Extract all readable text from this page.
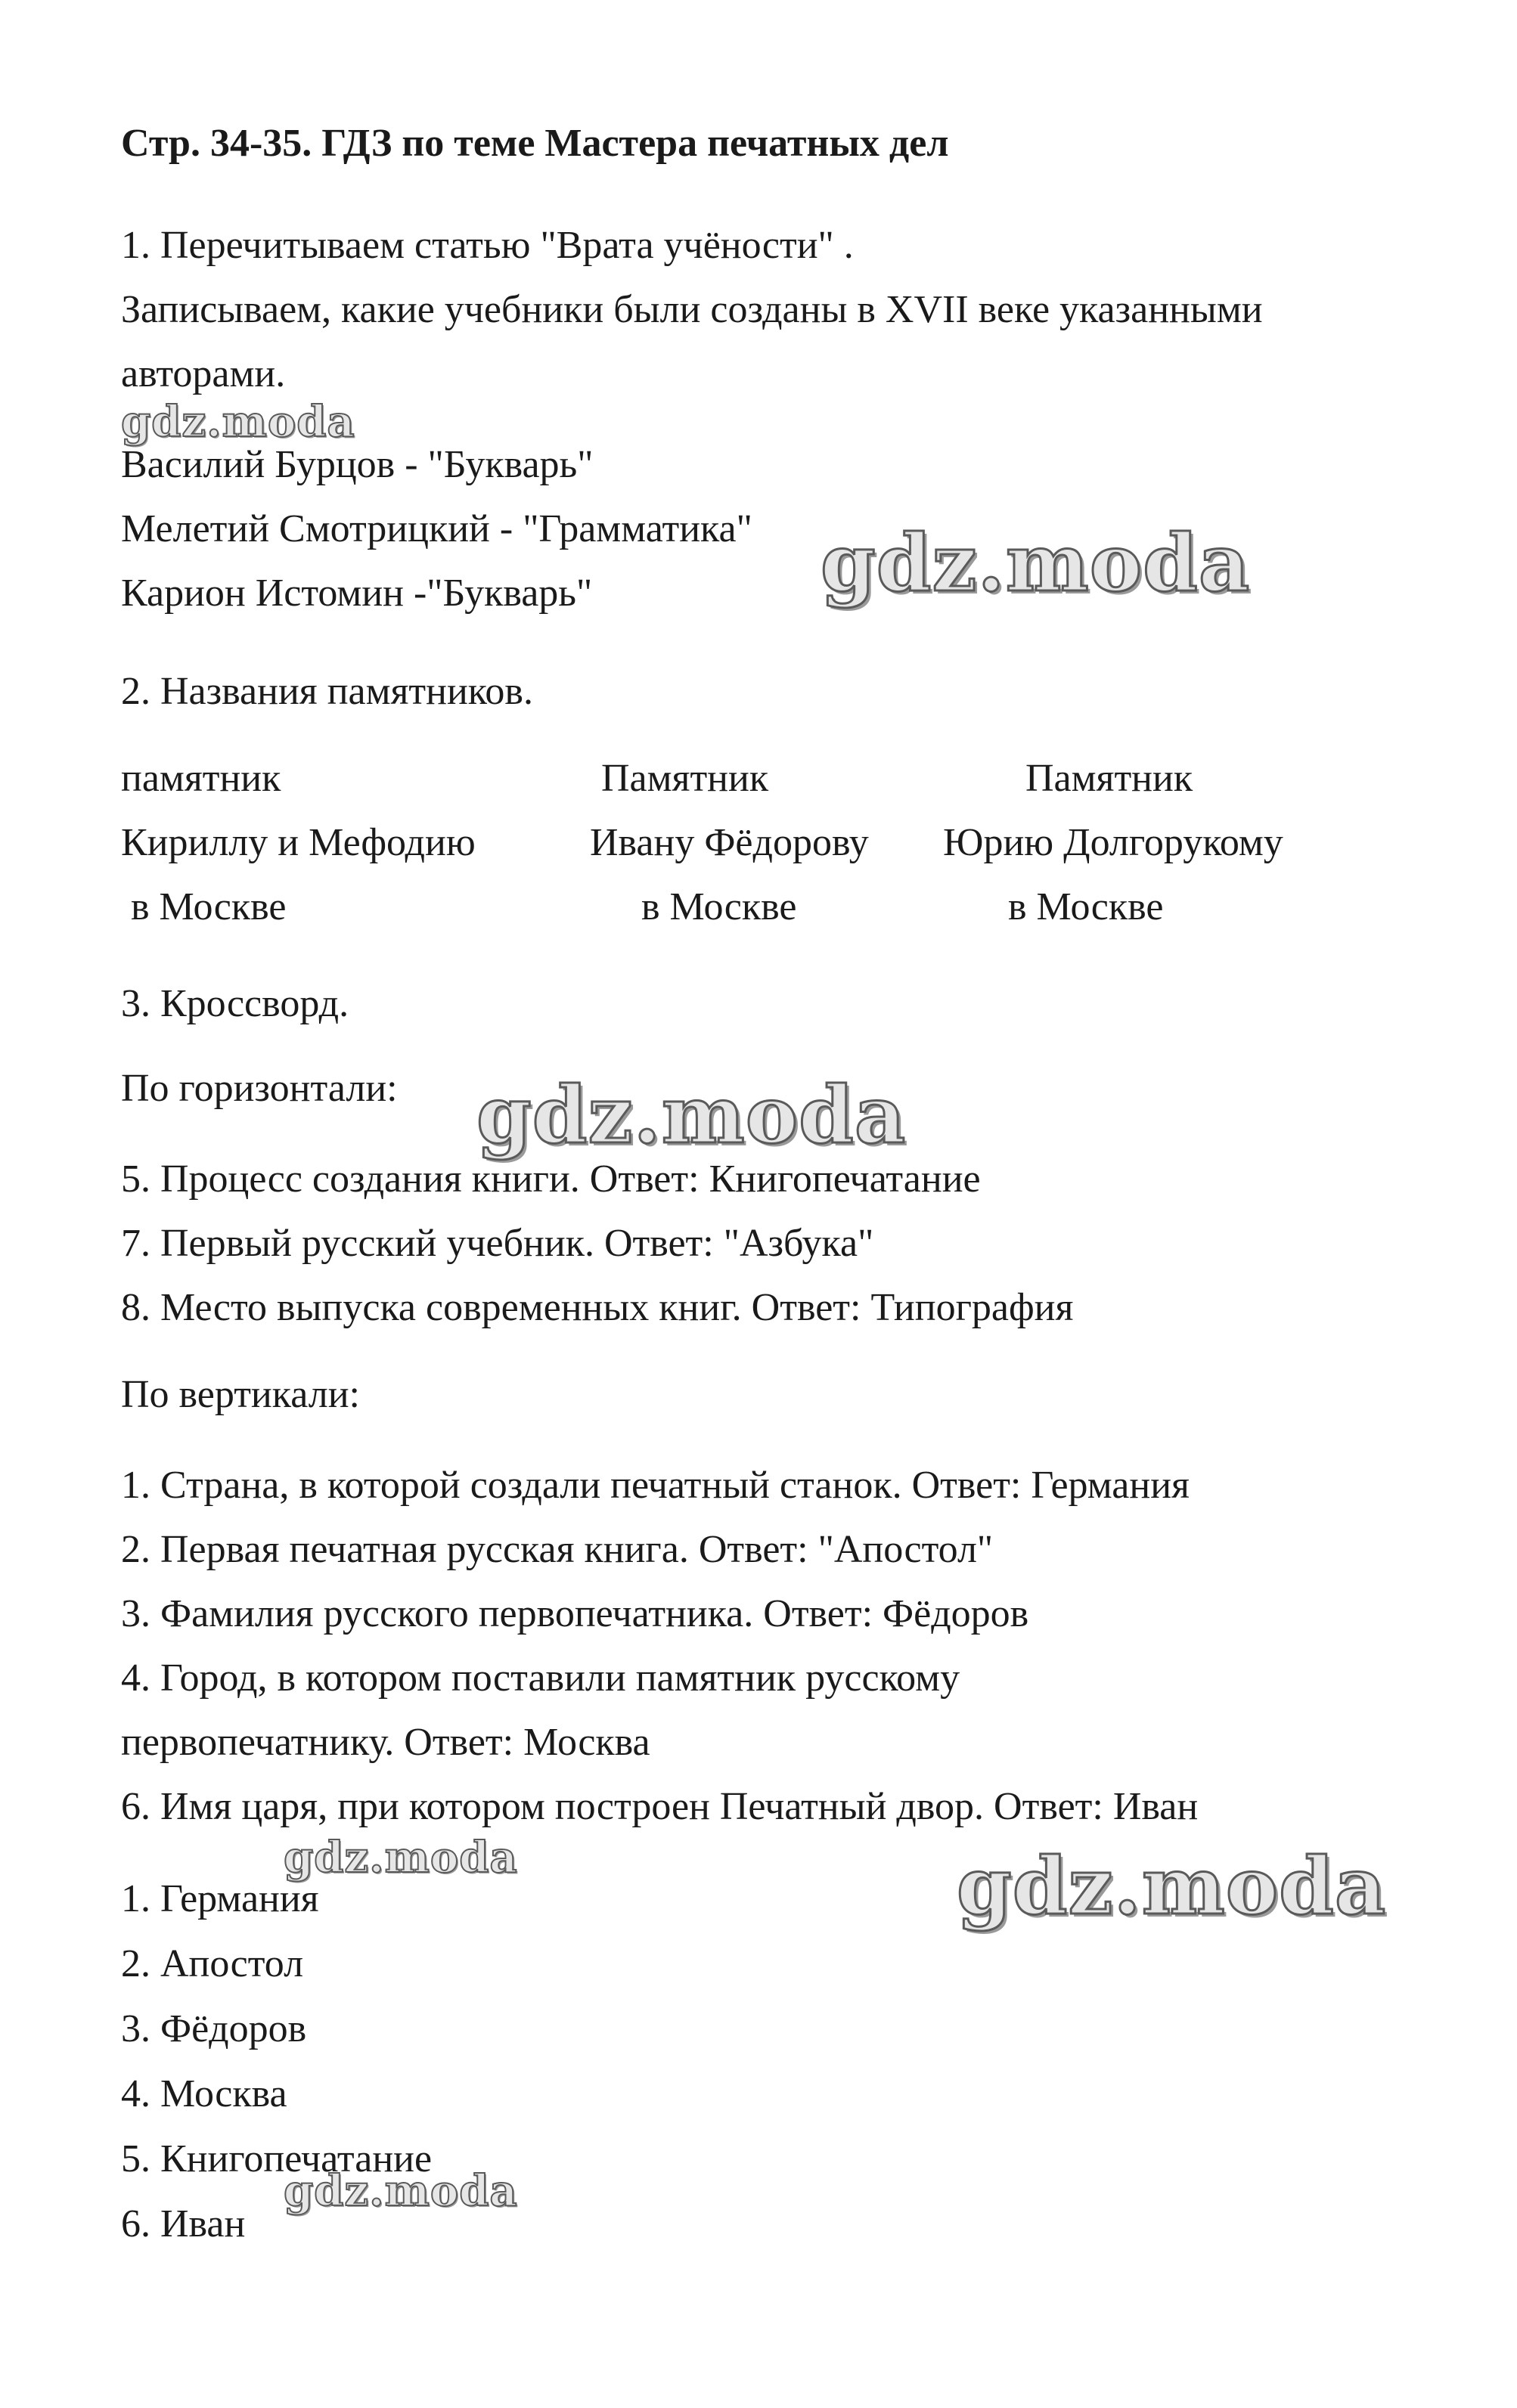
Стр. 34-35. ГДЗ по теме Мастера печатных дел
1. Перечитываем статью "Врата учёности" .
Записываем, какие учебники были созданы в XVII веке указанными
авторами.
Василий Бурцов - "Букварь"
Мелетий Смотрицкий - "Грамматика"
Карион Истомин -"Букварь"
2. Названия памятников.
памятник
Кириллу и Мефодию
в Москве
Памятник
Ивану Фёдорову
в Москве
Памятник
Юрию Долгорукому
в Москве
3. Кроссворд.
По горизонтали:
5. Процесс создания книги. Ответ: Книгопечатание
7. Первый русский учебник. Ответ: "Азбука"
8. Место выпуска современных книг. Ответ: Типография
По вертикали:
1. Страна, в которой создали печатный станок. Ответ: Германия
2. Первая печатная русская книга. Ответ: "Апостол"
3. Фамилия русского первопечатника. Ответ: Фёдоров
4. Город, в котором поставили памятник русскому
первопечатнику. Ответ: Москва
6. Имя царя, при котором построен Печатный двор. Ответ: Иван
1. Германия
2. Апостол
3. Фёдоров
4. Москва
5. Книгопечатание
6. Иван
gdz.moda
gdz.moda
gdz.moda
gdz.moda	gdz.moda
gdz.moda
